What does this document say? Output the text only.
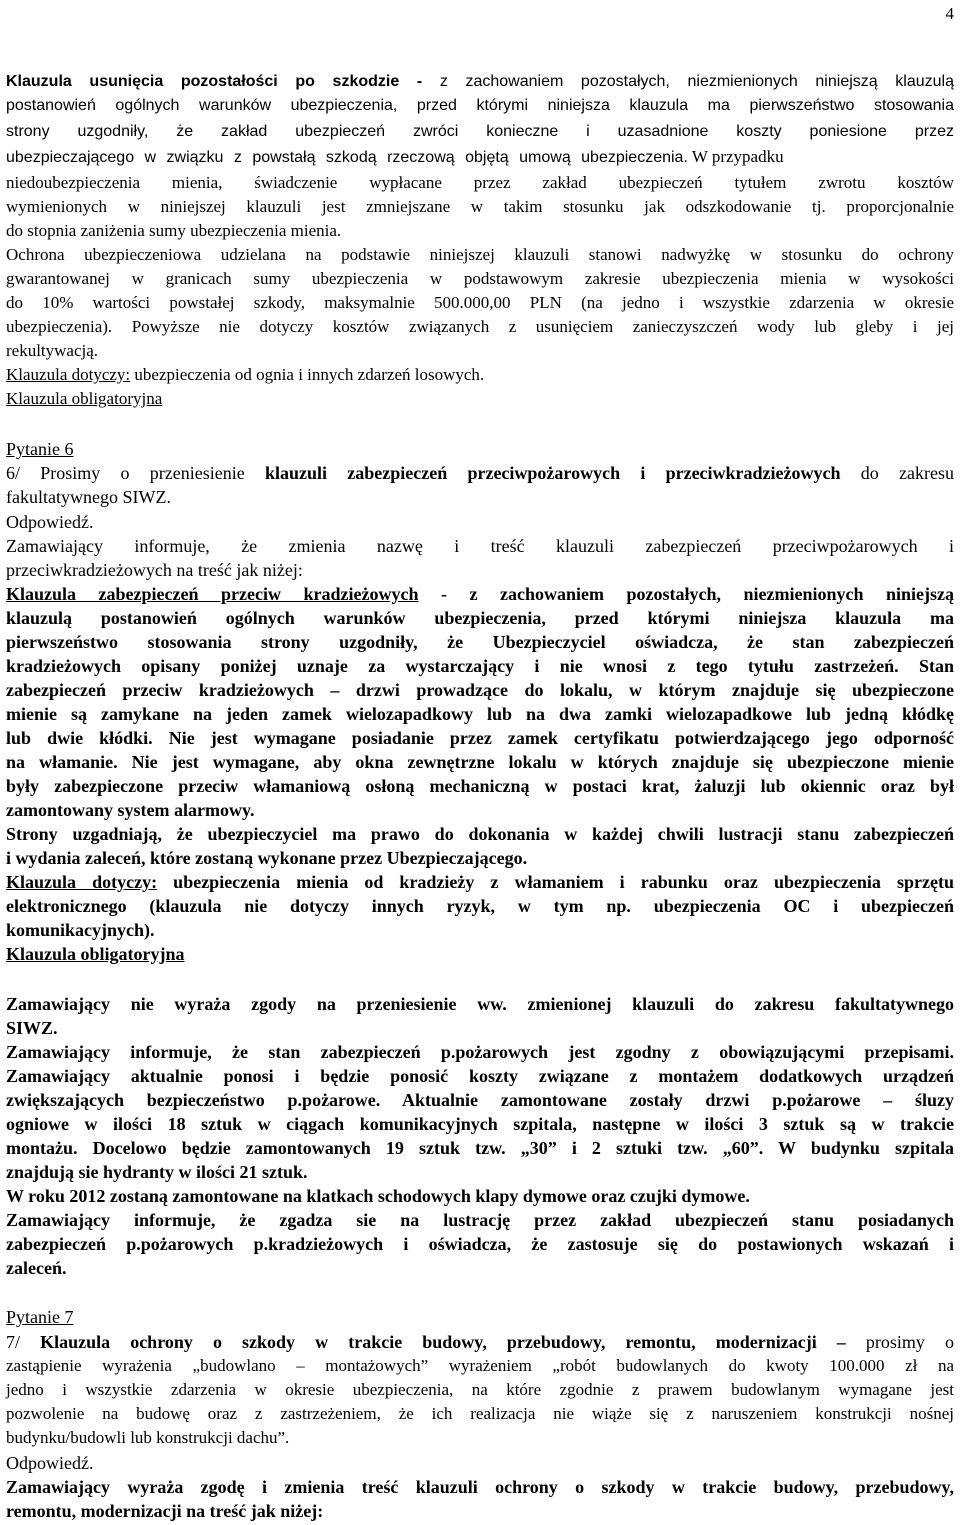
4
Klauzula usunięcia pozostałości po szkodzie - z zachowaniem pozostałych, niezmienionych niniejszą klauzulą
postanowień ogólnych warunków ubezpieczenia, przed którymi niniejsza klauzula ma pierwszeństwo stosowania
strony uzgodniły, że zakład ubezpieczeń zwróci konieczne i uzasadnione koszty poniesione przez
ubezpieczającego w związku z powstałą szkodą rzeczową objętą umową ubezpieczenia. W przypadku
niedoubezpieczenia mienia, świadczenie wypłacane przez zakład ubezpieczeń tytułem zwrotu kosztów
wymienionych w niniejszej klauzuli jest zmniejszane w takim stosunku jak odszkodowanie tj. proporcjonalnie
do stopnia zaniżenia sumy ubezpieczenia mienia.
Ochrona ubezpieczeniowa udzielana na podstawie niniejszej klauzuli stanowi nadwyżkę w stosunku do ochrony
gwarantowanej w granicach sumy ubezpieczenia w podstawowym zakresie ubezpieczenia mienia w wysokości
do 10% wartości powstałej szkody, maksymalnie 500.000,00 PLN (na jedno i wszystkie zdarzenia w okresie
ubezpieczenia). Powyższe nie dotyczy kosztów związanych z usunięciem zanieczyszczeń wody lub gleby i jej
rekultywacją.
Klauzula dotyczy: ubezpieczenia od ognia i innych zdarzeń losowych.
Klauzula obligatoryjna
Pytanie 6
6/ Prosimy o przeniesienie klauzuli zabezpieczeń przeciwpożarowych i przeciwkradzieżowych do zakresu
fakultatywnego SIWZ.
Odpowiedź.
Zamawiający informuje, że zmienia nazwę i treść klauzuli zabezpieczeń przeciwpożarowych i
przeciwkradzieżowych na treść jak niżej:
Klauzula zabezpieczeń przeciw kradzieżowych - z zachowaniem pozostałych, niezmienionych niniejszą
klauzulą postanowień ogólnych warunków ubezpieczenia, przed którymi niniejsza klauzula ma
pierwszeństwo stosowania strony uzgodniły, że Ubezpieczyciel oświadcza, że stan zabezpieczeń
kradzieżowych opisany poniżej uznaje za wystarczający i nie wnosi z tego tytułu zastrzeżeń. Stan
zabezpieczeń przeciw kradzieżowych – drzwi prowadzące do lokalu, w którym znajduje się ubezpieczone
mienie są zamykane na jeden zamek wielozapadkowy lub na dwa zamki wielozapadkowe lub jedną kłódkę
lub dwie kłódki. Nie jest wymagane posiadanie przez zamek certyfikatu potwierdzającego jego odporność
na włamanie. Nie jest wymagane, aby okna zewnętrzne lokalu w których znajduje się ubezpieczone mienie
były zabezpieczone przeciw włamaniową osłoną mechaniczną w postaci krat, żaluzji lub okiennic oraz był
zamontowany system alarmowy.
Strony uzgadniają, że ubezpieczyciel ma prawo do dokonania w każdej chwili lustracji stanu zabezpieczeń
i wydania zaleceń, które zostaną wykonane przez Ubezpieczającego.
Klauzula dotyczy: ubezpieczenia mienia od kradzieży z włamaniem i rabunku oraz ubezpieczenia sprzętu
elektronicznego (klauzula nie dotyczy innych ryzyk, w tym np. ubezpieczenia OC i ubezpieczeń
komunikacyjnych).
Klauzula obligatoryjna
Zamawiający nie wyraża zgody na przeniesienie ww. zmienionej klauzuli do zakresu fakultatywnego
SIWZ.
Zamawiający informuje, że stan zabezpieczeń p.pożarowych jest zgodny z obowiązującymi przepisami.
Zamawiający aktualnie ponosi i będzie ponosić koszty związane z montażem dodatkowych urządzeń
zwiększających bezpieczeństwo p.pożarowe. Aktualnie zamontowane zostały drzwi p.pożarowe – śluzy
ogniowe w ilości 18 sztuk w ciągach komunikacyjnych szpitala, następne w ilości 3 sztuk są w trakcie
montażu. Docelowo będzie zamontowanych 19 sztuk tzw. „30” i 2 sztuki tzw. „60”. W budynku szpitala
znajdują sie hydranty w ilości 21 sztuk.
W roku 2012 zostaną zamontowane na klatkach schodowych klapy dymowe oraz czujki dymowe.
Zamawiający informuje, że zgadza sie na lustrację przez zakład ubezpieczeń stanu posiadanych
zabezpieczeń p.pożarowych p.kradzieżowych i oświadcza, że zastosuje się do postawionych wskazań i
zaleceń.
Pytanie 7
7/ Klauzula ochrony o szkody w trakcie budowy, przebudowy, remontu, modernizacji – prosimy o
zastąpienie wyrażenia „budowlano – montażowych” wyrażeniem „robót budowlanych do kwoty 100.000 zł na
jedno i wszystkie zdarzenia w okresie ubezpieczenia, na które zgodnie z prawem budowlanym wymagane jest
pozwolenie na budowę oraz z zastrzeżeniem, że ich realizacja nie wiąże się z naruszeniem konstrukcji nośnej
budynku/budowli lub konstrukcji dachu”.
Odpowiedź.
Zamawiający wyraża zgodę i zmienia treść klauzuli ochrony o szkody w trakcie budowy, przebudowy,
remontu, modernizacji na treść jak niżej:
